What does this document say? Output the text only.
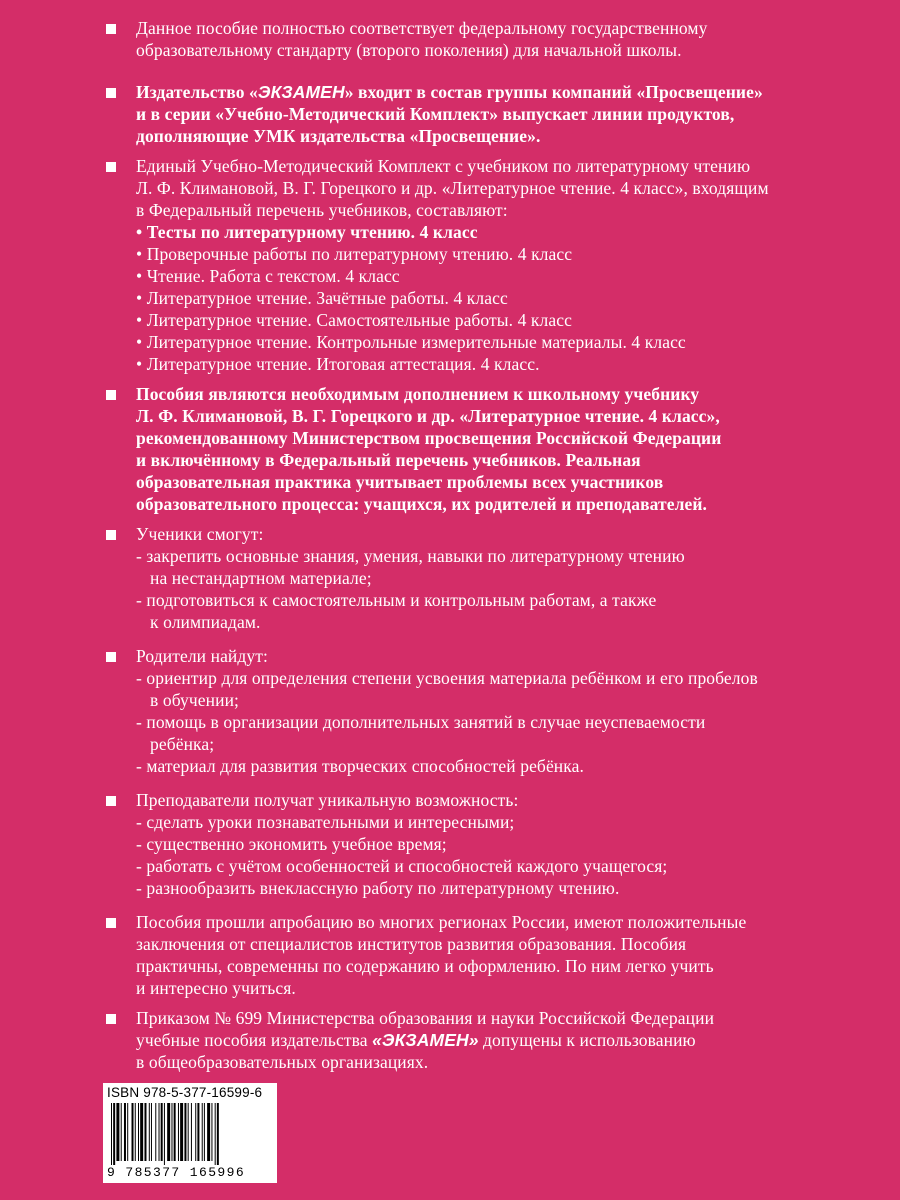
Данное пособие полностью соответствует федеральному государственному
образовательному стандарту (второго поколения) для начальной школы.
Издательство «ЭКЗАМЕН» входит в состав группы компаний «Просвещение»
и в серии «Учебно-Методический Комплект» выпускает линии продуктов,
дополняющие УМК издательства «Просвещение».
Единый Учебно-Методический Комплект с учебником по литературному чтению
Л. Ф. Климановой, В. Г. Горецкого и др. «Литературное чтение. 4 класс», входящим
в Федеральный перечень учебников, составляют:
• Тесты по литературному чтению. 4 класс
• Проверочные работы по литературному чтению. 4 класс
• Чтение. Работа с текстом. 4 класс
• Литературное чтение. Зачётные работы. 4 класс
• Литературное чтение. Самостоятельные работы. 4 класс
• Литературное чтение. Контрольные измерительные материалы. 4 класс
• Литературное чтение. Итоговая аттестация. 4 класс.
Пособия являются необходимым дополнением к школьному учебнику
Л. Ф. Климановой, В. Г. Горецкого и др. «Литературное чтение. 4 класс»,
рекомендованному Министерством просвещения Российской Федерации
и включённому в Федеральный перечень учебников. Реальная
образовательная практика учитывает проблемы всех участников
образовательного процесса: учащихся, их родителей и преподавателей.
Ученики смогут:
- закрепить основные знания, умения, навыки по литературному чтению
на нестандартном материале;
- подготовиться к самостоятельным и контрольным работам, а также
к олимпиадам.
Родители найдут:
- ориентир для определения степени усвоения материала ребёнком и его пробелов
в обучении;
- помощь в организации дополнительных занятий в случае неуспеваемости
ребёнка;
- материал для развития творческих способностей ребёнка.
Преподаватели получат уникальную возможность:
- сделать уроки познавательными и интересными;
- существенно экономить учебное время;
- работать с учётом особенностей и способностей каждого учащегося;
- разнообразить внеклассную работу по литературному чтению.
Пособия прошли апробацию во многих регионах России, имеют положительные
заключения от специалистов институтов развития образования. Пособия
практичны, современны по содержанию и оформлению. По ним легко учить
и интересно учиться.
Приказом № 699 Министерства образования и науки Российской Федерации
учебные пособия издательства «ЭКЗАМЕН» допущены к использованию
в общеобразовательных организациях.
ISBN 978-5-377-16599-6
9 785377 165996
